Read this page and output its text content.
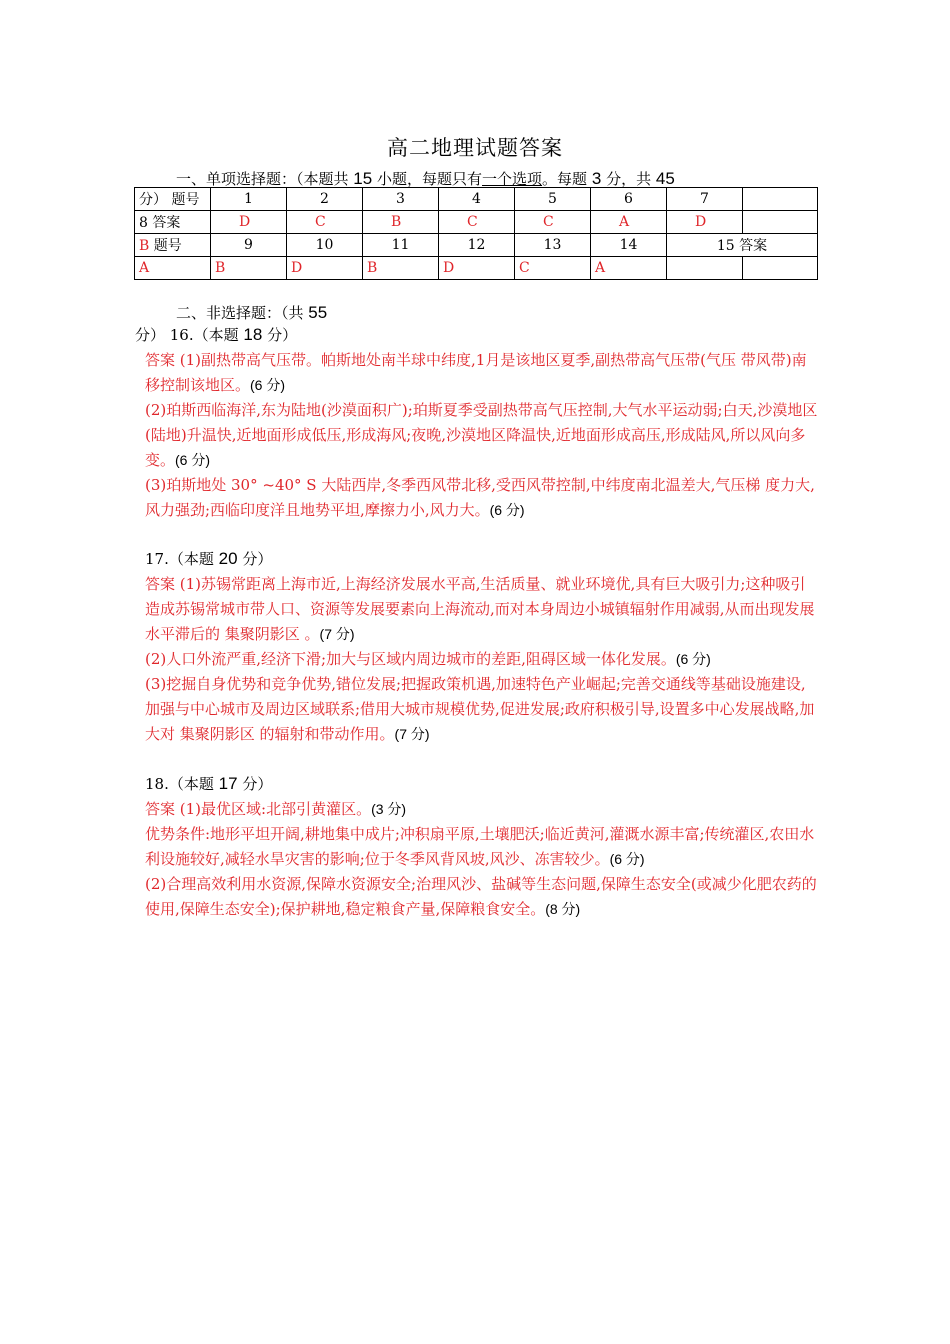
高二地理试题答案
一、单项选择题：（本题共 15 小题，每题只有一个选项。每题 3 分，共 45
分） 题号	1	2	3	4	5	6	7	
8 答案	D	C	B	C	C	A	D	
B 题号	9	10	11	12	13	14	15 答案	
A	B	D	B	D	C	A		
二、非选择题：（共 55

分） 16.（本题 18 分）

答案 (1)副热带高气压带。帕斯地处南半球中纬度,1月是该地区夏季,副热带高气压带(气压 带风带)南移控制该地区。(6 分)

(2)珀斯西临海洋,东为陆地(沙漠面积广);珀斯夏季受副热带高气压控制,大气水平运动弱;白天,沙漠地区(陆地)升温快,近地面形成低压,形成海风;夜晚,沙漠地区降温快,近地面形成高压,形成陆风,所以风向多变。(6 分)

(3)珀斯地处 30° ~40° S 大陆西岸,冬季西风带北移,受西风带控制,中纬度南北温差大,气压梯 度力大,风力强劲;西临印度洋且地势平坦,摩擦力小,风力大。(6 分)

17.（本题 20 分）

答案 (1)苏锡常距离上海市近,上海经济发展水平高,生活质量、就业环境优,具有巨大吸引力;这种吸引造成苏锡常城市带人口、资源等发展要素向上海流动,而对本身周边小城镇辐射作用减弱,从而出现发展水平滞后的 集聚阴影区 。(7 分)

(2)人口外流严重,经济下滑;加大与区域内周边城市的差距,阻碍区域一体化发展。(6 分)

(3)挖掘自身优势和竞争优势,错位发展;把握政策机遇,加速特色产业崛起;完善交通线等基础设施建设,加强与中心城市及周边区域联系;借用大城市规模优势,促进发展;政府积极引导,设置多中心发展战略,加大对 集聚阴影区 的辐射和带动作用。(7 分)

18.（本题 17 分）

答案 (1)最优区域:北部引黄灌区。(3 分)

优势条件:地形平坦开阔,耕地集中成片;冲积扇平原,土壤肥沃;临近黄河,灌溉水源丰富;传统灌区,农田水利设施较好,减轻水旱灾害的影响;位于冬季风背风坡,风沙、冻害较少。(6 分)

(2)合理高效利用水资源,保障水资源安全;治理风沙、盐碱等生态问题,保障生态安全(或减少化肥农药的使用,保障生态安全);保护耕地,稳定粮食产量,保障粮食安全。(8 分)
